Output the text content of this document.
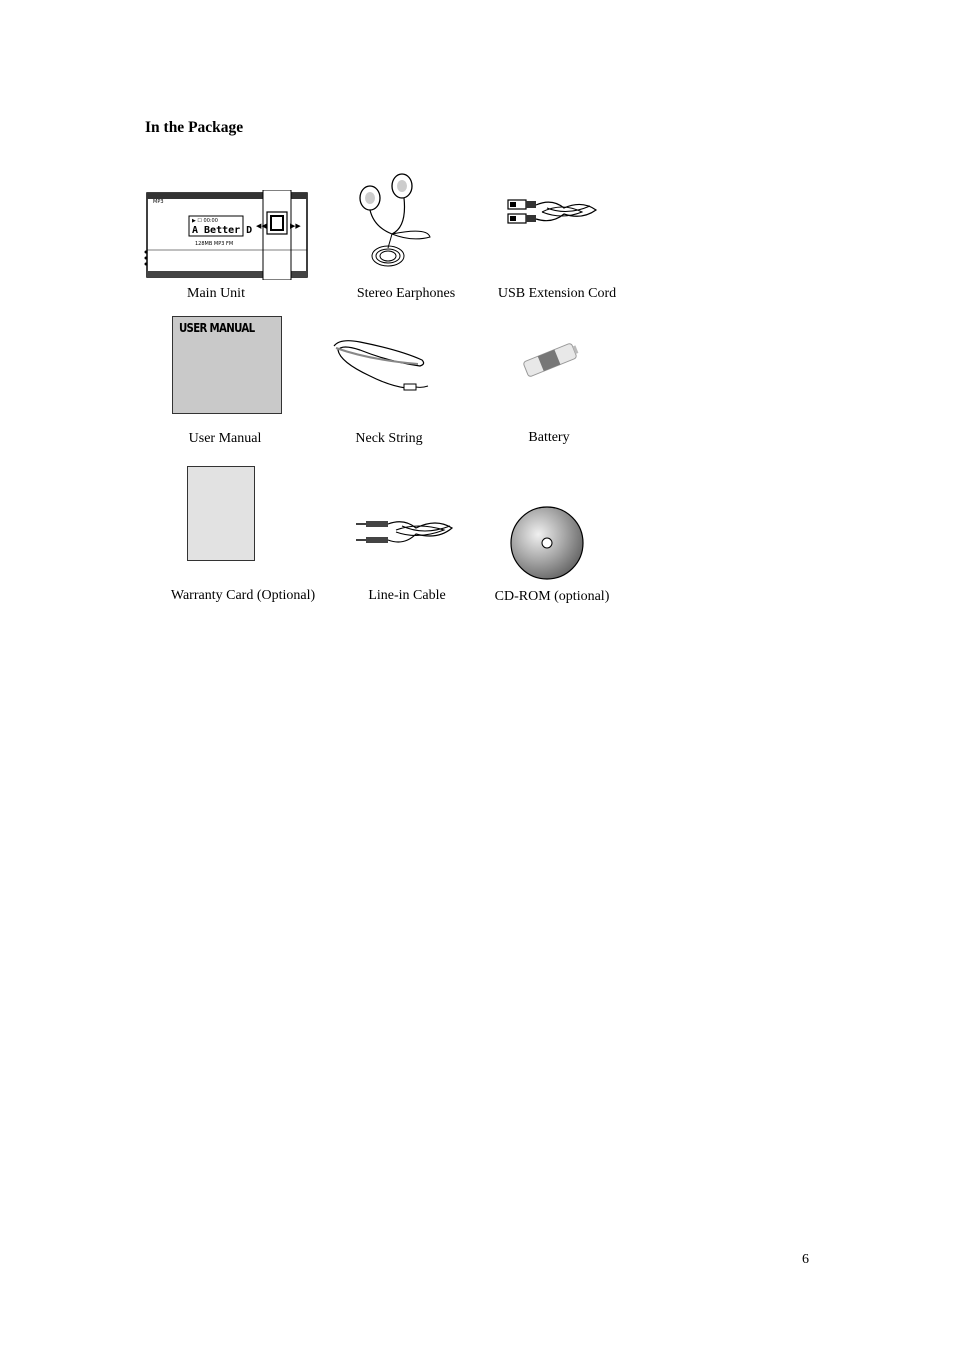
In the Package
◀◀	▶▶
▶ ☐ 00:00
A Better D
128MB MP3 FM
MP3
Main Unit	Stereo Earphones	USB Extension Cord
USER MANUAL
User Manual	Neck String	Battery
Warranty Card (Optional)	Line-in Cable	CD-ROM (optional)
6
